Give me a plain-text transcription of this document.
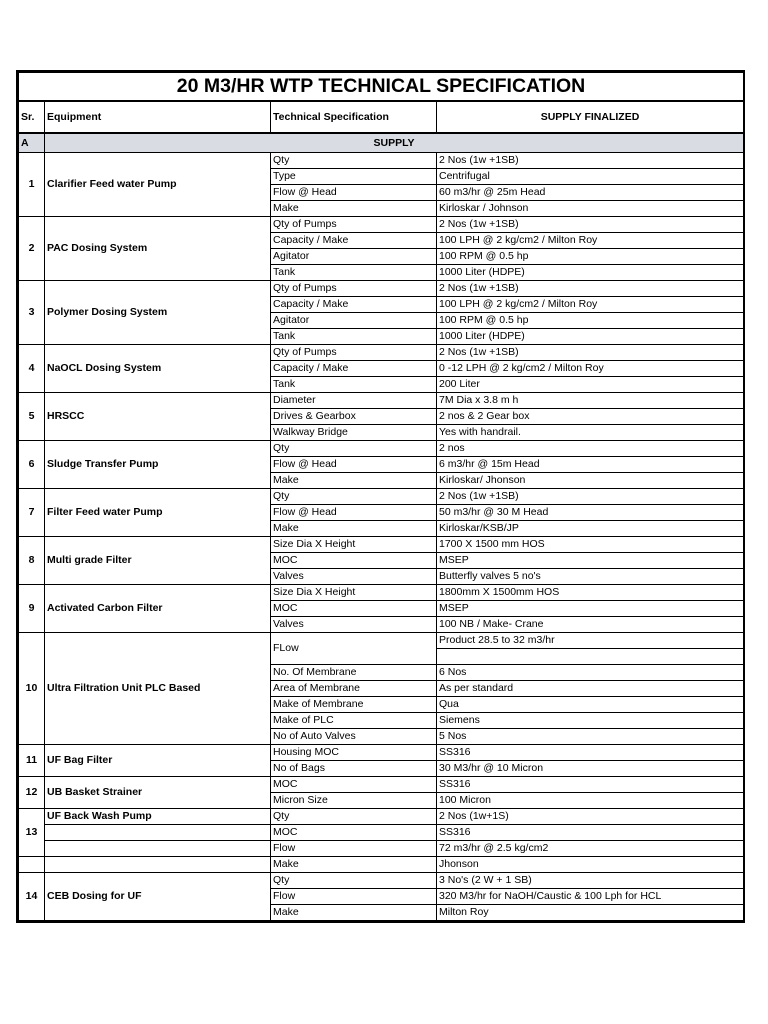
20 M3/HR WTP TECHNICAL SPECIFICATION			
Sr.	Equipment	Technical Specification	SUPPLY FINALIZED
A	SUPPLY		
1	Clarifier Feed water Pump	Qty	2 Nos (1w +1SB)
		Type	Centrifugal
		Flow @ Head	60 m3/hr @ 25m Head
		Make	Kirloskar / Johnson
2	PAC Dosing System	Qty of Pumps	2 Nos (1w +1SB)
		Capacity / Make	100 LPH @ 2 kg/cm2 / Milton Roy
		Agitator	100 RPM @ 0.5 hp
		Tank	1000 Liter (HDPE)
3	Polymer Dosing System	Qty of Pumps	2 Nos (1w +1SB)
		Capacity / Make	100 LPH @ 2 kg/cm2 / Milton Roy
		Agitator	100 RPM @ 0.5 hp
		Tank	1000 Liter (HDPE)
4	NaOCL Dosing System	Qty of Pumps	2 Nos (1w +1SB)
		Capacity / Make	0 -12 LPH @ 2 kg/cm2 / Milton Roy
		Tank	200 Liter
5	HRSCC	Diameter	7M Dia x 3.8 m h
		Drives & Gearbox	2 nos & 2 Gear box
		Walkway Bridge	Yes with handrail.
6	Sludge Transfer Pump	Qty	2 nos
		Flow @ Head	6 m3/hr @ 15m Head
		Make	Kirloskar/ Jhonson
7	Filter Feed water Pump	Qty	2 Nos (1w +1SB)
		Flow @ Head	50 m3/hr @ 30 M Head
		Make	Kirloskar/KSB/JP
8	Multi grade Filter	Size Dia X Height	1700 X 1500 mm HOS
		MOC	MSEP
		Valves	Butterfly valves 5 no's
9	Activated Carbon Filter	Size Dia X Height	1800mm X 1500mm HOS
		MOC	MSEP
		Valves	100 NB / Make- Crane
10	Ultra Filtration Unit PLC Based	FLow	Product 28.5 to 32 m3/hr

		No. Of Membrane	6 Nos
		Area of Membrane	As per standard
		Make of Membrane	Qua
		Make of PLC	Siemens
		No of Auto Valves	5 Nos
11	UF Bag Filter	Housing MOC	SS316
		No of Bags	30 M3/hr @ 10 Micron
12	UB Basket Strainer	MOC	SS316
		Micron Size	100 Micron
13	UF Back Wash Pump	Qty	2 Nos (1w+1S)
		MOC	SS316
		Flow	72 m3/hr @ 2.5 kg/cm2
		Make	Jhonson
14	CEB Dosing for UF	Qty	3 No's (2 W + 1 SB)
		Flow	320 M3/hr for NaOH/Caustic & 100 Lph for HCL
		Make	Milton Roy
